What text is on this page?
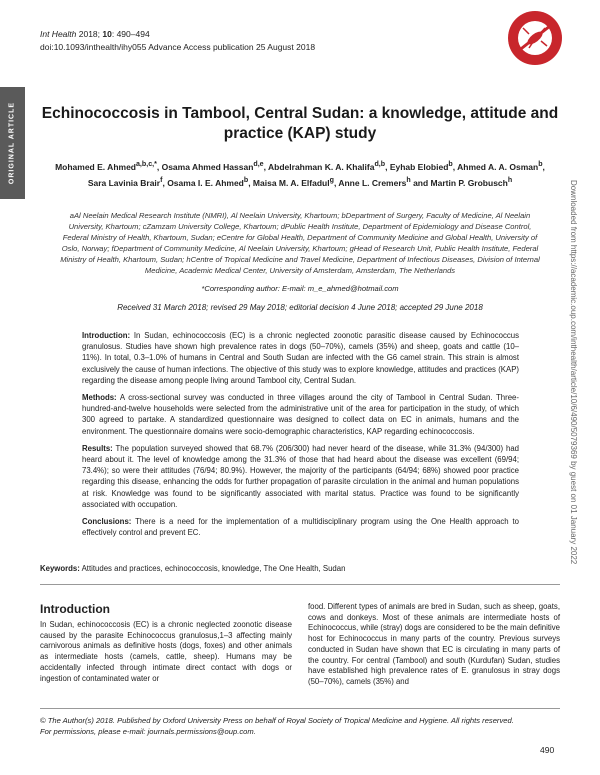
ORIGINAL ARTICLE
Downloaded from https://academic.oup.com/inthealth/article/10/6/490/5079369 by guest on 01 January 2022
Int Health 2018; 10: 490–494
doi:10.1093/inthealth/ihy055 Advance Access publication 25 August 2018
Echinococcosis in Tambool, Central Sudan: a knowledge, attitude and practice (KAP) study
Mohamed E. Ahmed$^{a,b,c,*}$, Osama Ahmed Hassan$^{d,e}$, Abdelrahman K. A. Khalifa$^{d,b}$, Eyhab Elobied$^b$, Ahmed A. A. Osman$^b$, Sara Lavinia Brair$^f$, Osama I. E. Ahmed$^b$, Maisa M. A. Elfadul$^g$, Anne L. Cremers$^h$ and Martin P. Grobusch$^h$
aAl Neelain Medical Research Institute (NMRI), Al Neelain University, Khartoum; bDepartment of Surgery, Faculty of Medicine, Al Neelain University, Khartoum; cZamzam University College, Khartoum; dPublic Health Institute, Department of Epidemiology and Disease Control, Federal Ministry of Health, Khartoum, Sudan; eCentre for Global Health, Department of Community Medicine and Global Health, University of Oslo, Norway; fDepartment of Community Medicine, Al Neelain University, Khartoum; gHead of Research Unit, Public Health Institute, Federal Ministry of Health, Khartoum, Sudan; hCentre of Tropical Medicine and Travel Medicine, Department of Infectious Diseases, Division of Internal Medicine, Academic Medical Center, University of Amsterdam, Amsterdam, The Netherlands
*Corresponding author: E-mail: m_e_ahmed@hotmail.com
Received 31 March 2018; revised 29 May 2018; editorial decision 4 June 2018; accepted 29 June 2018

Introduction: In Sudan, echinococcosis (EC) is a chronic neglected zoonotic parasitic disease caused by Echinococcus granulosus. Studies have shown high prevalence rates in dogs (50–70%), camels (35%) and sheep, goats and cattle (10–11%). In total, 0.3–1.0% of humans in Central and South Sudan are infected with the G6 camel strain. This strain is almost exclusively the cause of human infections. The objective of this study was to explore knowledge, attitudes and practices (KAP) regarding the disease among people living around Tambool city, Central Sudan.

Methods: A cross-sectional survey was conducted in three villages around the city of Tambool in Central Sudan. Three-hundred-and-twelve households were selected from the administrative unit of the area for participation in the study, of which 300 agreed to partake. A standardized questionnaire was designed to collect data on EC in animals, humans and the environment. The questionnaire domains were socio-demographic characteristics, KAP regarding echinococcosis.

Results: The population surveyed showed that 68.7% (206/300) had never heard of the disease, while 31.3% (94/300) had heard about it. The level of knowledge among the 31.3% of those that had heard about the disease was excellent (69/94; 73.4%); so were their attitudes (76/94; 80.9%). However, the majority of the participants (64/94; 68%) showed poor practice regarding this disease, enhancing the odds for further propagation of parasite circulation in the animal and human populations at risk. Knowledge was found to be significantly associated with marital status. Practice was found to be significantly associated with occupation.

Conclusions: There is a need for the implementation of a multidisciplinary program using the One Health approach to effectively control and prevent EC.

Keywords: Attitudes and practices, echinococcosis, knowledge, The One Health, Sudan
Introduction
In Sudan, echinococcosis (EC) is a chronic neglected zoonotic disease caused by the parasite Echinococcus granulosus,1–3 affecting mainly carnivorous animals as definitive hosts (dogs, foxes) and other animals as intermediate hosts (camels, cattle, sheep). Humans may be accidentally infected through intimate direct contact with dogs or ingestion of contaminated water or
food. Different types of animals are bred in Sudan, such as sheep, goats, cows and donkeys. Most of these animals are intermediate hosts of Echinococcus, while (stray) dogs are considered to be the main definitive host for Echinococcus in many parts of the country. Previous surveys conducted in Sudan have shown that EC is circulating in many parts of the country. For central (Tambool) and south (Kurdufan) Sudan, studies have established high prevalence rates of E. granulosus in stray dogs (50–70%), camels (35%) and
© The Author(s) 2018. Published by Oxford University Press on behalf of Royal Society of Tropical Medicine and Hygiene. All rights reserved.
For permissions, please e-mail: journals.permissions@oup.com.
490
